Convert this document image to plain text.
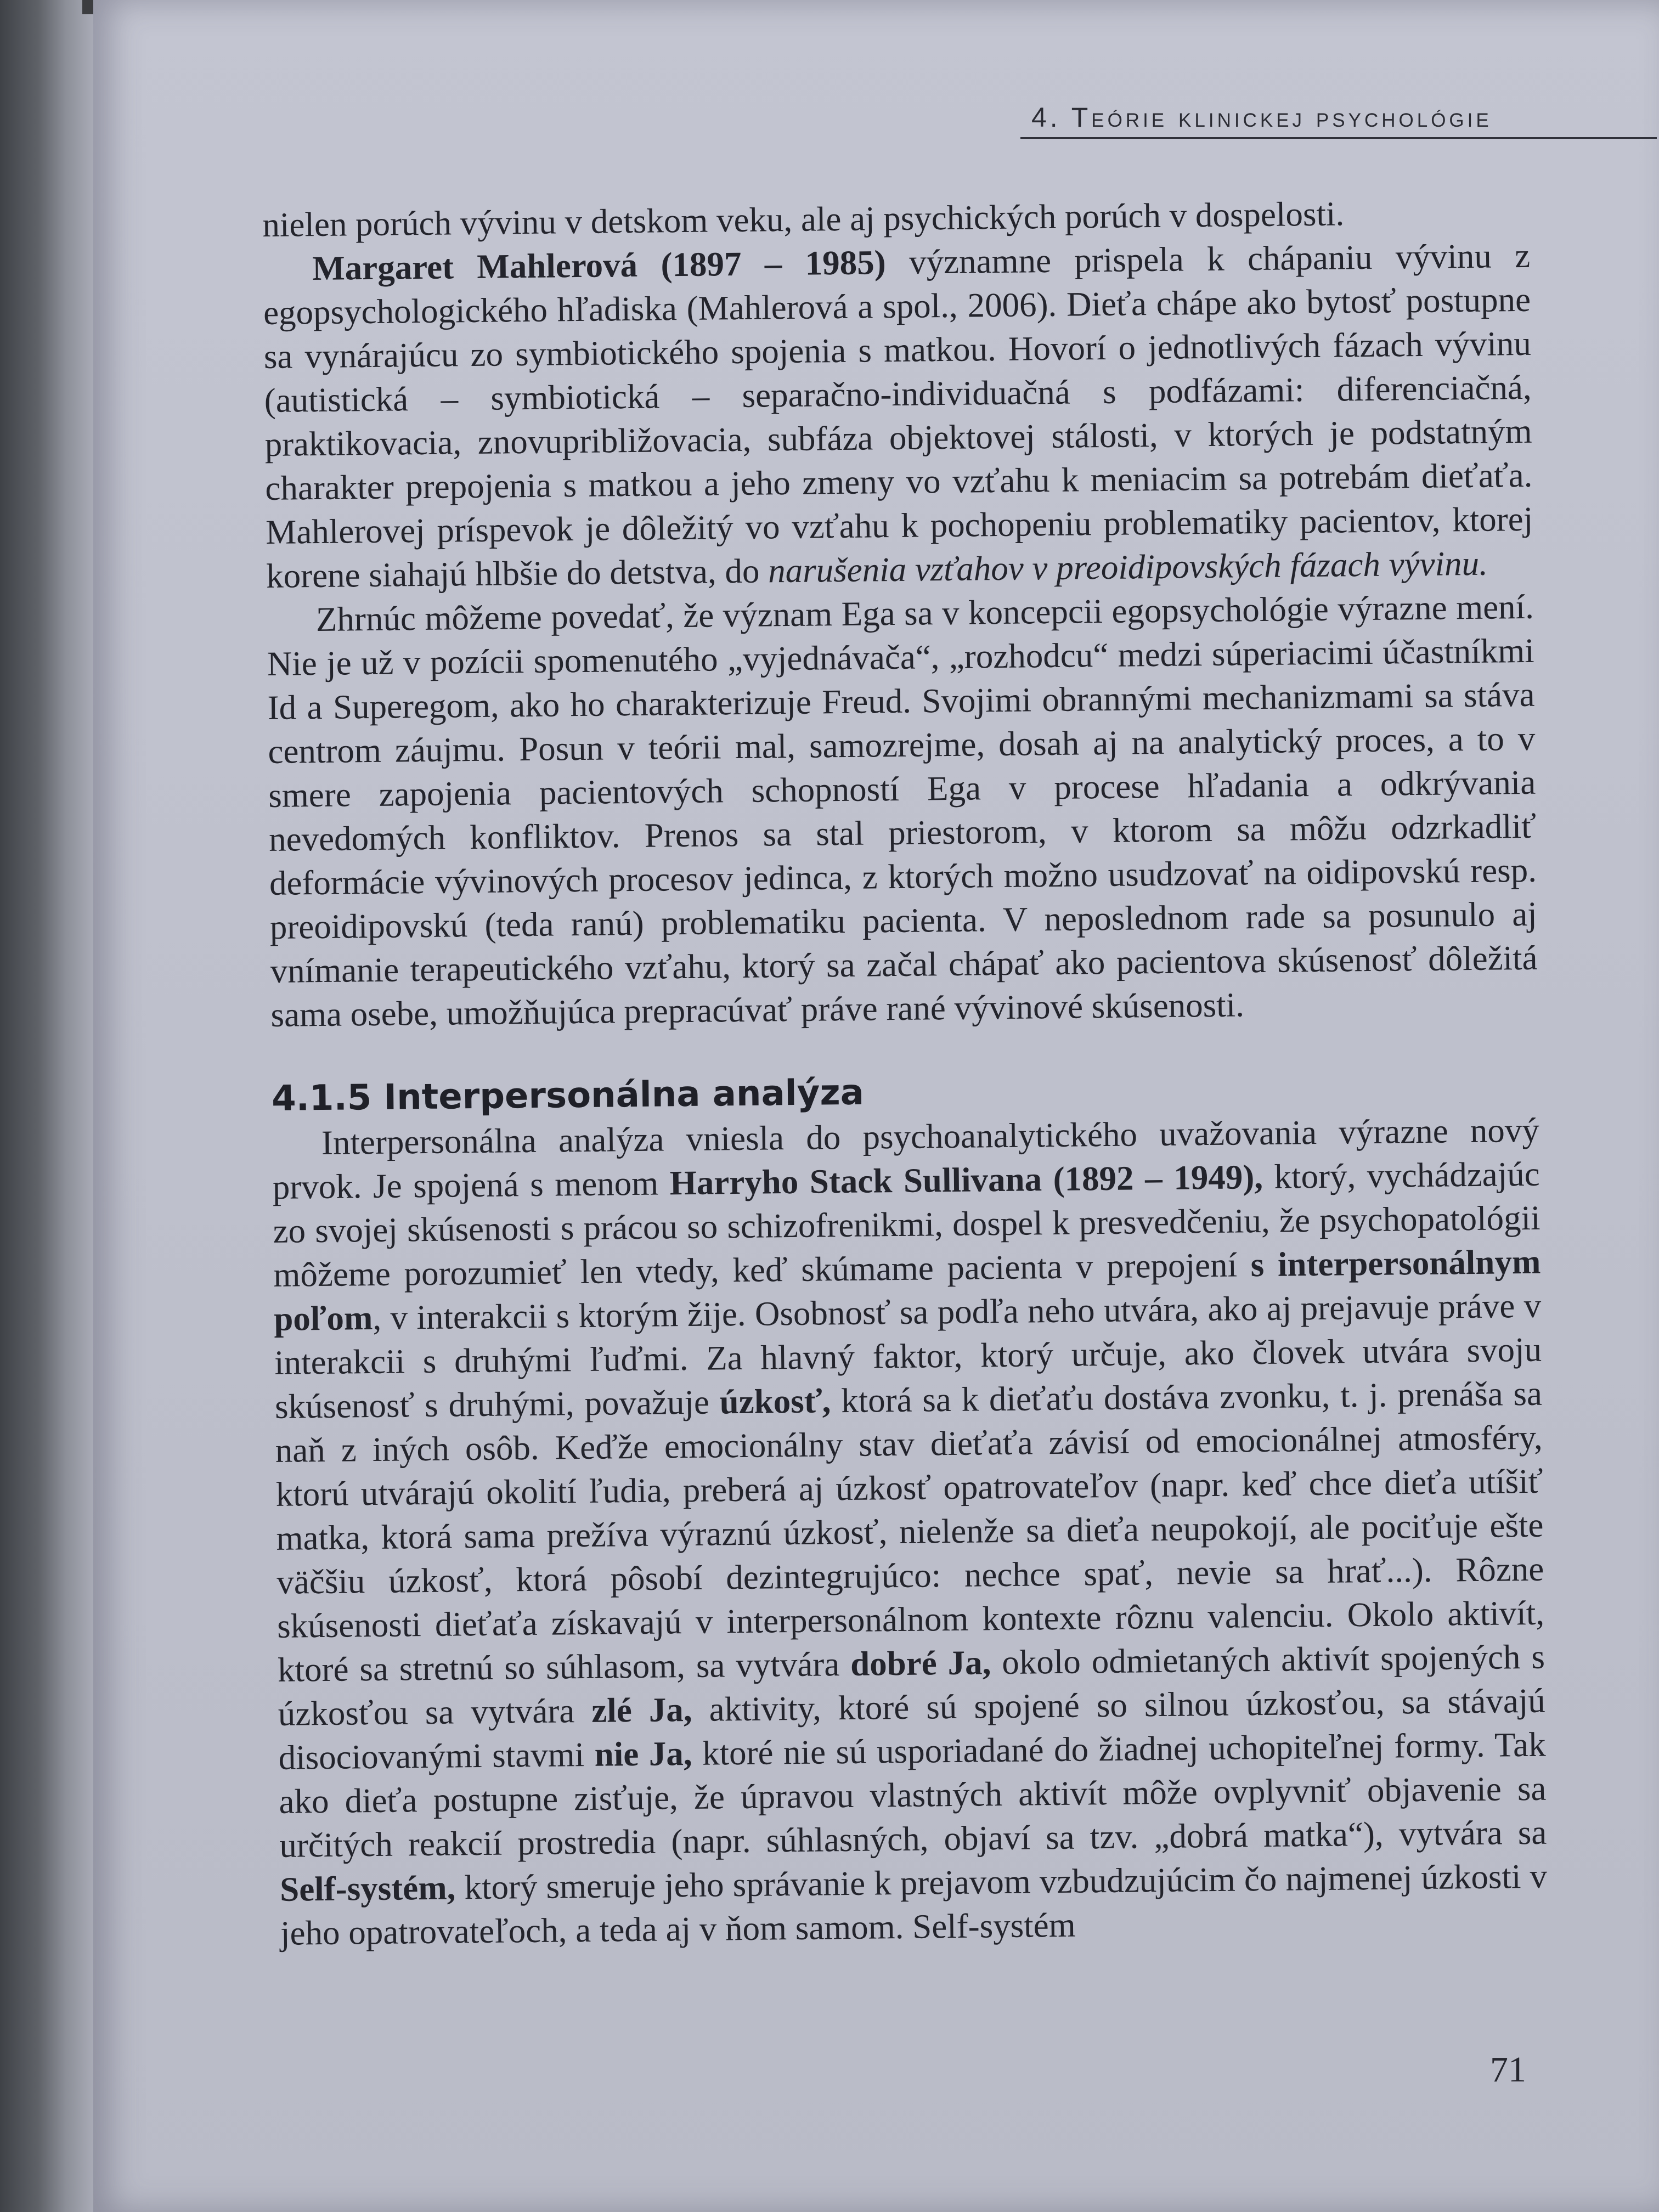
4. Teórie klinickej psychológie

nielen porúch vývinu v detskom veku, ale aj psychických porúch v dospelosti.

Margaret Mahlerová (1897 – 1985) významne prispela k chápaniu vývinu z egopsychologického hľadiska (Mahlerová a spol., 2006). Dieťa chápe ako bytosť postupne sa vynárajúcu zo symbiotického spojenia s matkou. Hovorí o jednotlivých fázach vývinu (autistická – symbiotická – separačno-individuačná s podfázami: diferenciačná, praktikovacia, znovupribližovacia, subfáza objektovej stálosti, v ktorých je podstatným charakter prepojenia s matkou a jeho zmeny vo vzťahu k meniacim sa potrebám dieťaťa. Mahlerovej príspevok je dôležitý vo vzťahu k pochopeniu problematiky pacientov, ktorej korene siahajú hlbšie do detstva, do narušenia vzťahov v preoidipovských fázach vývinu.

Zhrnúc môžeme povedať, že význam Ega sa v koncepcii egopsychológie výrazne mení. Nie je už v pozícii spomenutého „vyjednávača“, „rozhodcu“ medzi súperiacimi účastníkmi Id a Superegom, ako ho charakterizuje Freud. Svojimi obrannými mechanizmami sa stáva centrom záujmu. Posun v teórii mal, samozrejme, dosah aj na analytický proces, a to v smere zapojenia pacientových schopností Ega v procese hľadania a odkrývania nevedomých konfliktov. Prenos sa stal priestorom, v ktorom sa môžu odzrkadliť deformácie vývinových procesov jedinca, z ktorých možno usudzovať na oidipovskú resp. preoidipovskú (teda ranú) problematiku pacienta. V neposlednom rade sa posunulo aj vnímanie terapeutického vzťahu, ktorý sa začal chápať ako pacientova skúsenosť dôležitá sama osebe, umožňujúca prepracúvať práve rané vývinové skúsenosti.

4.1.5 Interpersonálna analýza

Interpersonálna analýza vniesla do psychoanalytického uvažovania výrazne nový prvok. Je spojená s menom Harryho Stack Sullivana (1892 – 1949), ktorý, vychádzajúc zo svojej skúsenosti s prácou so schizofrenikmi, dospel k presvedčeniu, že psychopatológii môžeme porozumieť len vtedy, keď skúmame pacienta v prepojení s interpersonálnym poľom, v interakcii s ktorým žije. Osobnosť sa podľa neho utvára, ako aj prejavuje práve v interakcii s druhými ľuďmi. Za hlavný faktor, ktorý určuje, ako človek utvára svoju skúsenosť s druhými, považuje úzkosť, ktorá sa k dieťaťu dostáva zvonku, t. j. prenáša sa naň z iných osôb. Keďže emocionálny stav dieťaťa závisí od emocionálnej atmosféry, ktorú utvárajú okolití ľudia, preberá aj úzkosť opatrovateľov (napr. keď chce dieťa utíšiť matka, ktorá sama prežíva výraznú úzkosť, nielenže sa dieťa neupokojí, ale pociťuje ešte väčšiu úzkosť, ktorá pôsobí dezintegrujúco: nechce spať, nevie sa hrať...). Rôzne skúsenosti dieťaťa získavajú v interpersonálnom kontexte rôznu valenciu. Okolo aktivít, ktoré sa stretnú so súhlasom, sa vytvára dobré Ja, okolo odmietaných aktivít spojených s úzkosťou sa vytvára zlé Ja, aktivity, ktoré sú spojené so silnou úzkosťou, sa stávajú disociovanými stavmi nie Ja, ktoré nie sú usporiadané do žiadnej uchopiteľnej formy. Tak ako dieťa postupne zisťuje, že úpravou vlastných aktivít môže ovplyvniť objavenie sa určitých reakcií prostredia (napr. súhlasných, objaví sa tzv. „dobrá matka“), vytvára sa Self-systém, ktorý smeruje jeho správanie k prejavom vzbudzujúcim čo najmenej úzkosti v jeho opatrovateľoch, a teda aj v ňom samom. Self-systém

71
